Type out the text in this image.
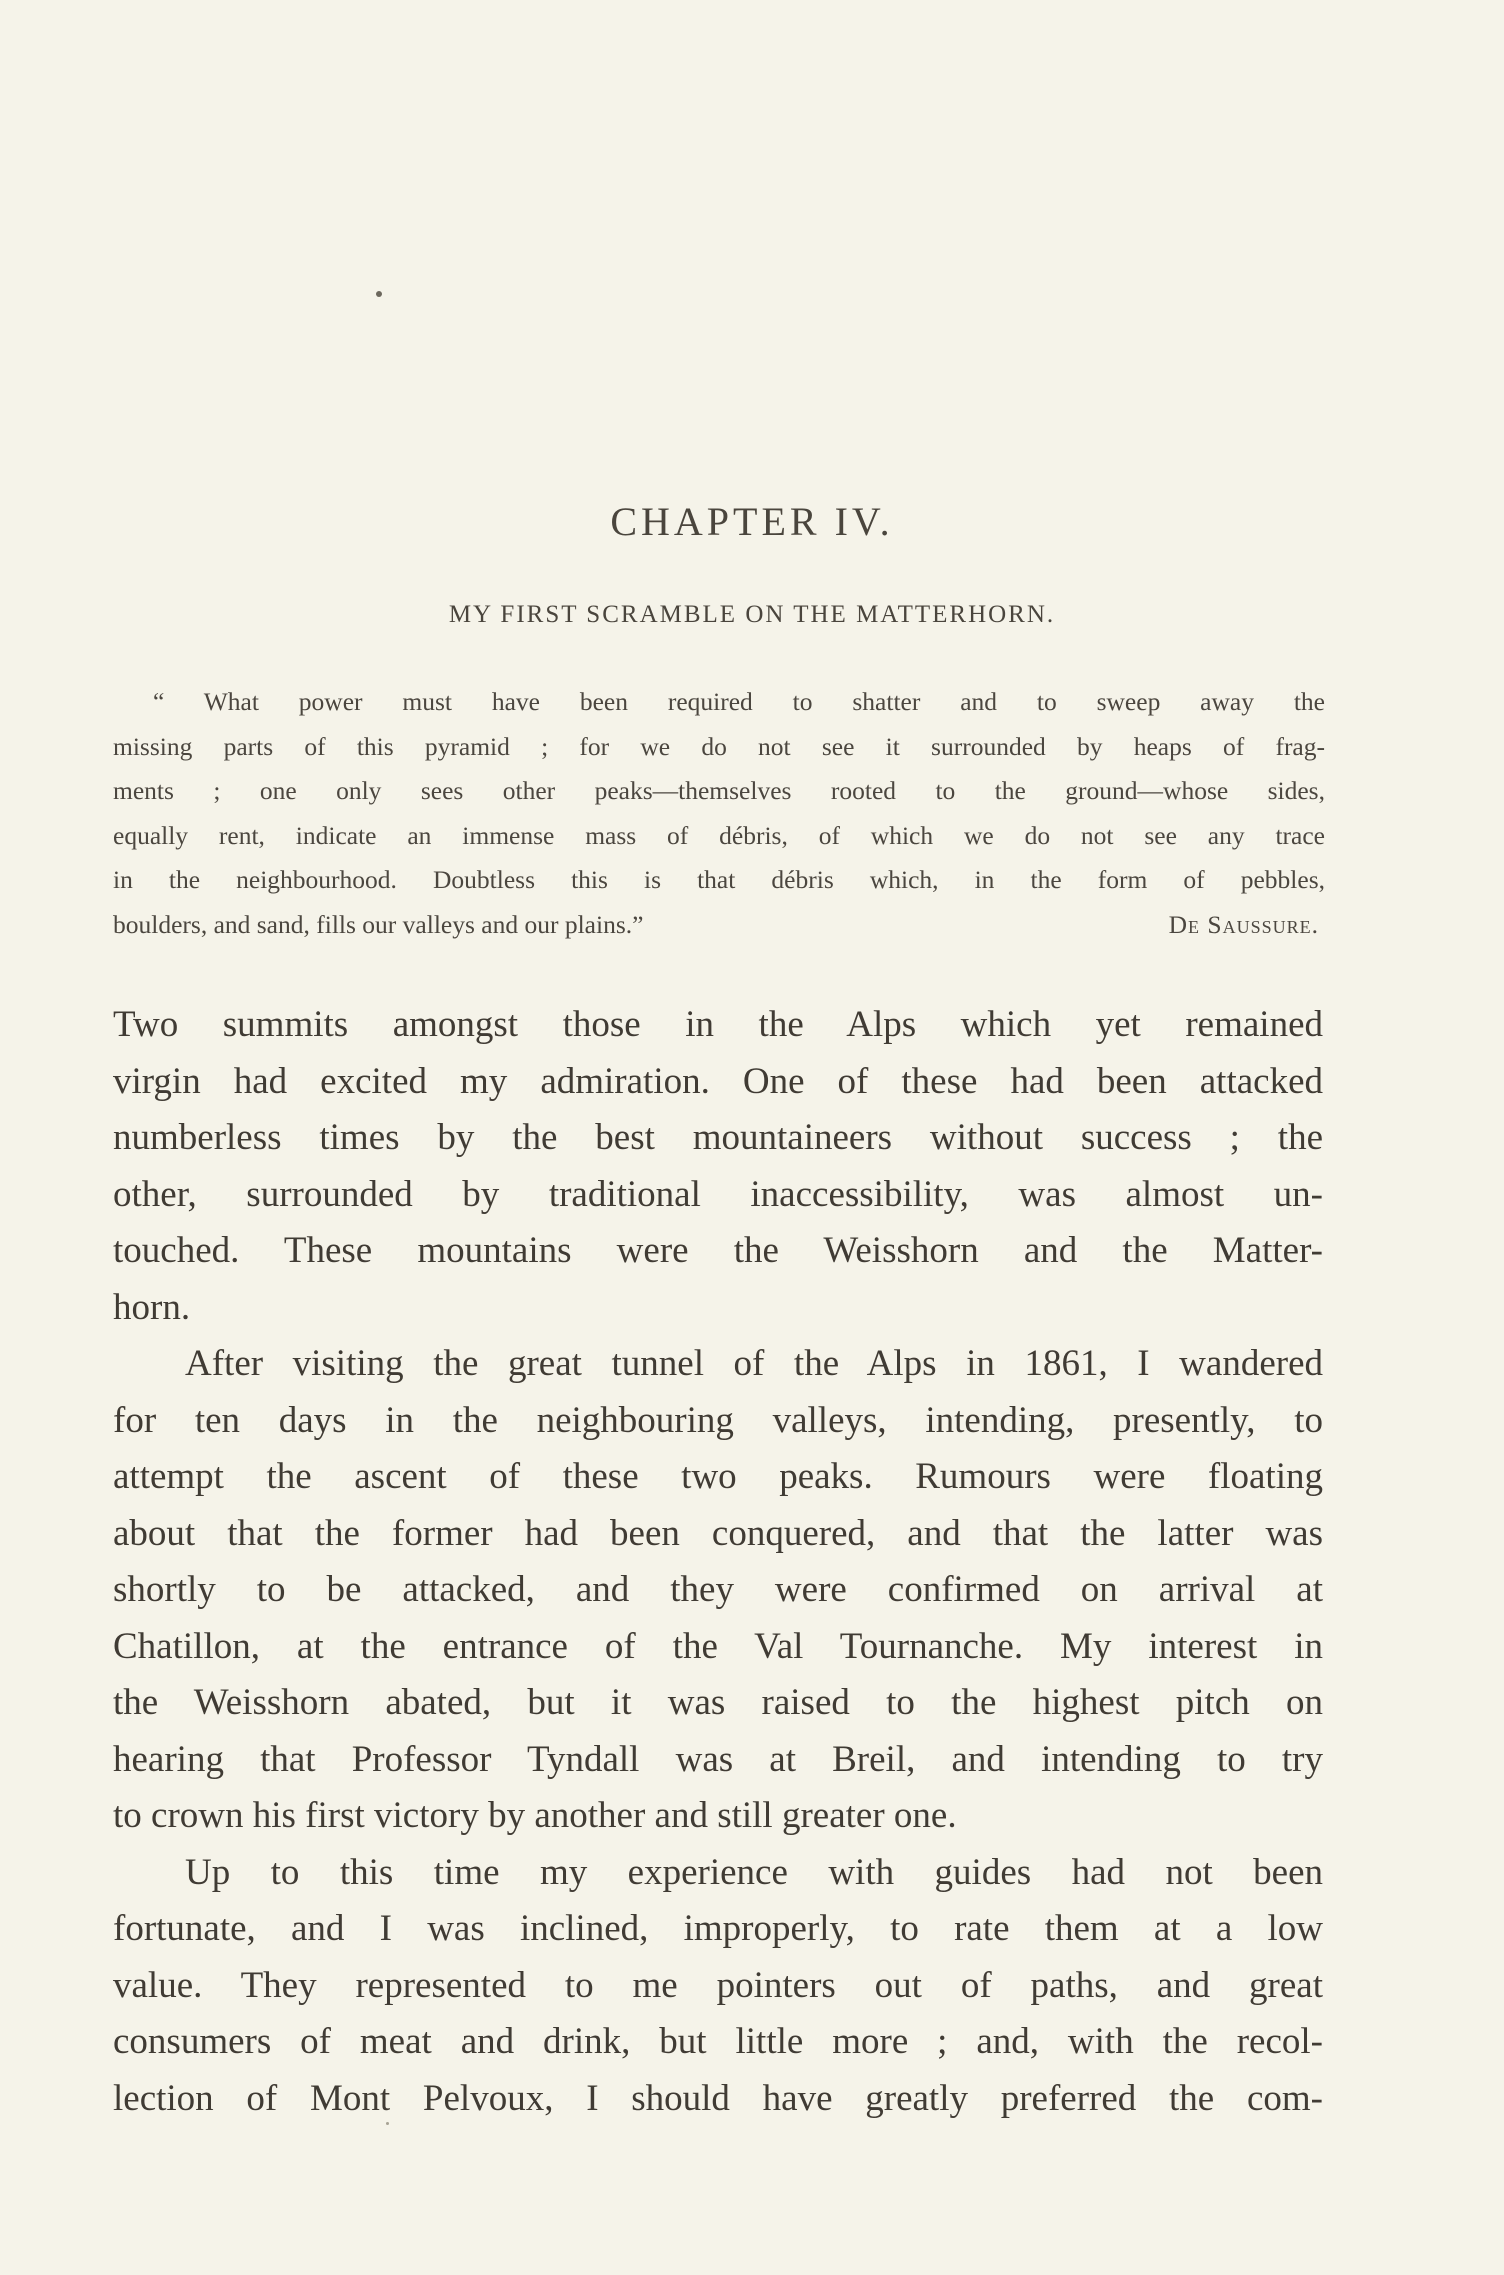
CHAPTER IV.
MY FIRST SCRAMBLE ON THE MATTERHORN.
“ What power must have been required to shatter and to sweep away the
missing parts of this pyramid ; for we do not see it surrounded by heaps of frag-
ments ; one only sees other peaks—themselves rooted to the ground—whose sides,
equally rent, indicate an immense mass of débris, of which we do not see any trace
in the neighbourhood. Doubtless this is that débris which, in the form of pebbles,
boulders, and sand, fills our valleys and our plains.”	De Saussure.
Two summits amongst those in the Alps which yet remained
virgin had excited my admiration. One of these had been attacked
numberless times by the best mountaineers without success ; the
other, surrounded by traditional inaccessibility, was almost un-
touched. These mountains were the Weisshorn and the Matter-
horn.
After visiting the great tunnel of the Alps in 1861, I wandered
for ten days in the neighbouring valleys, intending, presently, to
attempt the ascent of these two peaks. Rumours were floating
about that the former had been conquered, and that the latter was
shortly to be attacked, and they were confirmed on arrival at
Chatillon, at the entrance of the Val Tournanche. My interest in
the Weisshorn abated, but it was raised to the highest pitch on
hearing that Professor Tyndall was at Breil, and intending to try
to crown his first victory by another and still greater one.
Up to this time my experience with guides had not been
fortunate, and I was inclined, improperly, to rate them at a low
value. They represented to me pointers out of paths, and great
consumers of meat and drink, but little more ; and, with the recol-
lection of Mont Pelvoux, I should have greatly preferred the com-
